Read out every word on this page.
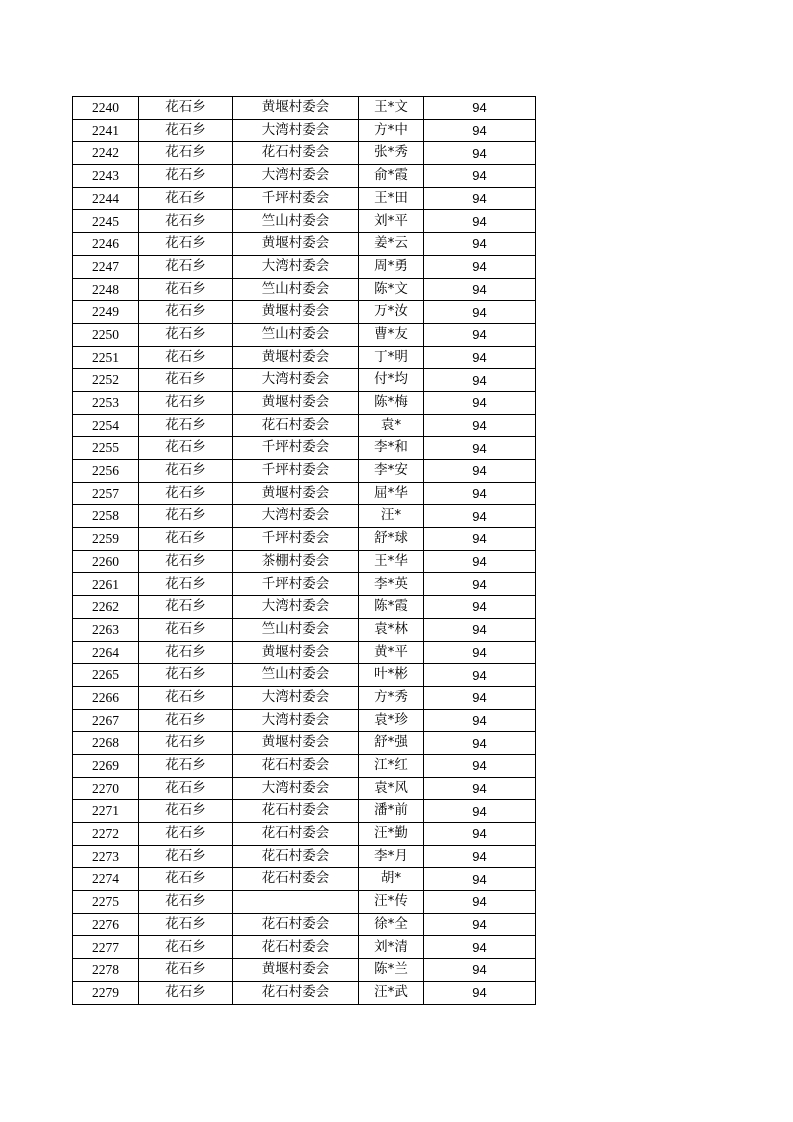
2240	花石乡	黄堰村委会	王*文	94
2241	花石乡	大湾村委会	方*中	94
2242	花石乡	花石村委会	张*秀	94
2243	花石乡	大湾村委会	俞*霞	94
2244	花石乡	千坪村委会	王*田	94
2245	花石乡	竺山村委会	刘*平	94
2246	花石乡	黄堰村委会	姜*云	94
2247	花石乡	大湾村委会	周*勇	94
2248	花石乡	竺山村委会	陈*文	94
2249	花石乡	黄堰村委会	万*汝	94
2250	花石乡	竺山村委会	曹*友	94
2251	花石乡	黄堰村委会	丁*明	94
2252	花石乡	大湾村委会	付*均	94
2253	花石乡	黄堰村委会	陈*梅	94
2254	花石乡	花石村委会	袁*	94
2255	花石乡	千坪村委会	李*和	94
2256	花石乡	千坪村委会	李*安	94
2257	花石乡	黄堰村委会	屈*华	94
2258	花石乡	大湾村委会	汪*	94
2259	花石乡	千坪村委会	舒*球	94
2260	花石乡	茶棚村委会	王*华	94
2261	花石乡	千坪村委会	李*英	94
2262	花石乡	大湾村委会	陈*霞	94
2263	花石乡	竺山村委会	袁*林	94
2264	花石乡	黄堰村委会	黄*平	94
2265	花石乡	竺山村委会	叶*彬	94
2266	花石乡	大湾村委会	方*秀	94
2267	花石乡	大湾村委会	袁*珍	94
2268	花石乡	黄堰村委会	舒*强	94
2269	花石乡	花石村委会	江*红	94
2270	花石乡	大湾村委会	袁*风	94
2271	花石乡	花石村委会	潘*前	94
2272	花石乡	花石村委会	汪*勤	94
2273	花石乡	花石村委会	李*月	94
2274	花石乡	花石村委会	胡*	94
2275	花石乡		汪*传	94
2276	花石乡	花石村委会	徐*全	94
2277	花石乡	花石村委会	刘*清	94
2278	花石乡	黄堰村委会	陈*兰	94
2279	花石乡	花石村委会	汪*武	94
